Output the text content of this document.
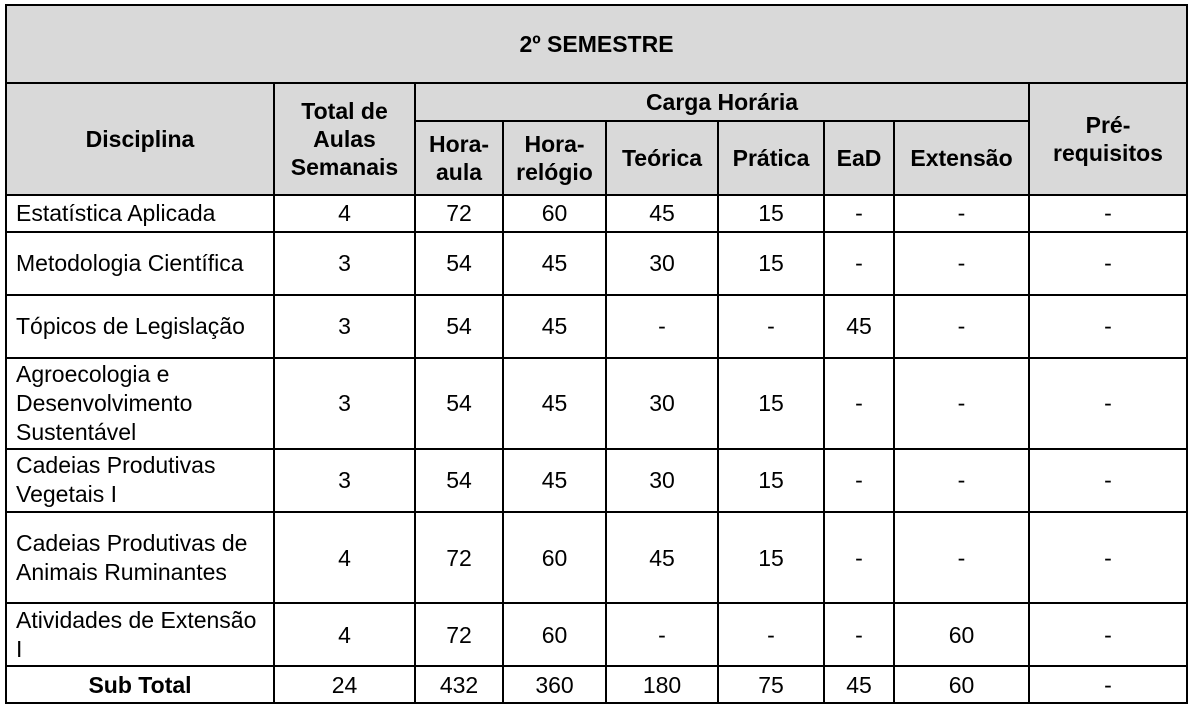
2º SEMESTRE								
Disciplina	Total de Aulas Semanais	Carga Horária						Pré-requisitos
		Hora-aula	Hora-relógio	Teórica	Prática	EaD	Extensão	
Estatística Aplicada	4	72	60	45	15	-	-	-
Metodologia Científica	3	54	45	30	15	-	-	-
Tópicos de Legislação	3	54	45	-	-	45	-	-
Agroecologia e Desenvolvimento Sustentável	3	54	45	30	15	-	-	-
Cadeias Produtivas Vegetais I	3	54	45	30	15	-	-	-
Cadeias Produtivas de Animais Ruminantes	4	72	60	45	15	-	-	-
Atividades de Extensão I	4	72	60	-	-	-	60	-
Sub Total	24	432	360	180	75	45	60	-
